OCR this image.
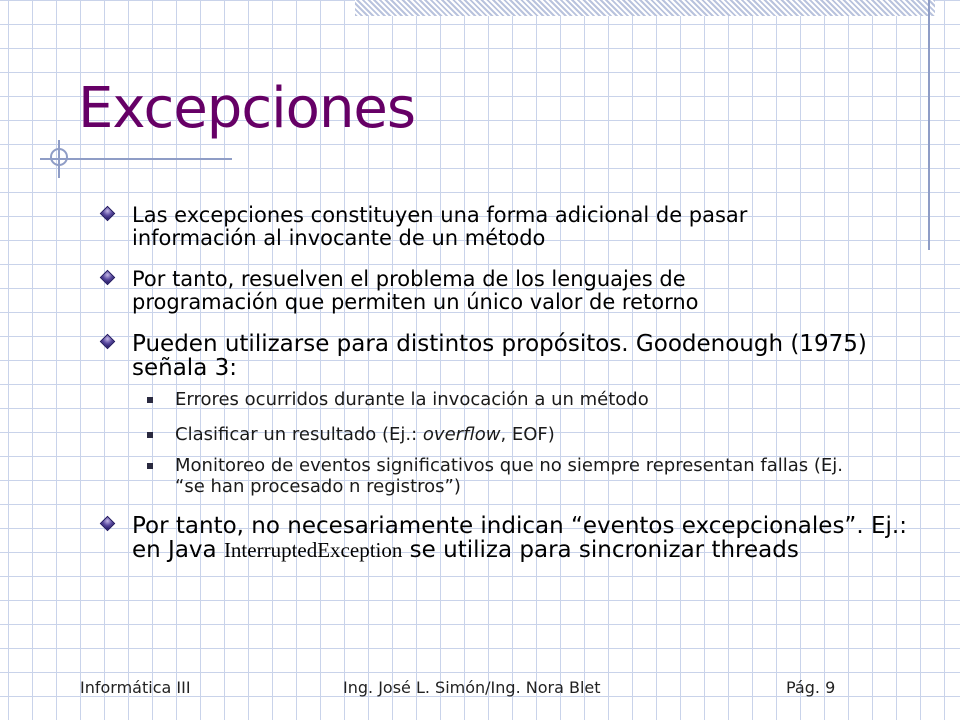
Excepciones
Las excepciones constituyen una forma adicional de pasar información al invocante de un método
Por tanto, resuelven el problema de los lenguajes de programación que permiten un único valor de retorno
Pueden utilizarse para distintos propósitos. Goodenough (1975) señala 3:
Errores ocurridos durante la invocación a un método
Clasificar un resultado (Ej.: overflow, EOF)
Monitoreo de eventos significativos que no siempre representan fallas (Ej. “se han procesado n registros”)
Por tanto, no necesariamente indican “eventos excepcionales”. Ej.: en Java InterruptedException se utiliza para sincronizar threads
Informática III	Ing. José L. Simón/Ing. Nora Blet	Pág. 9
